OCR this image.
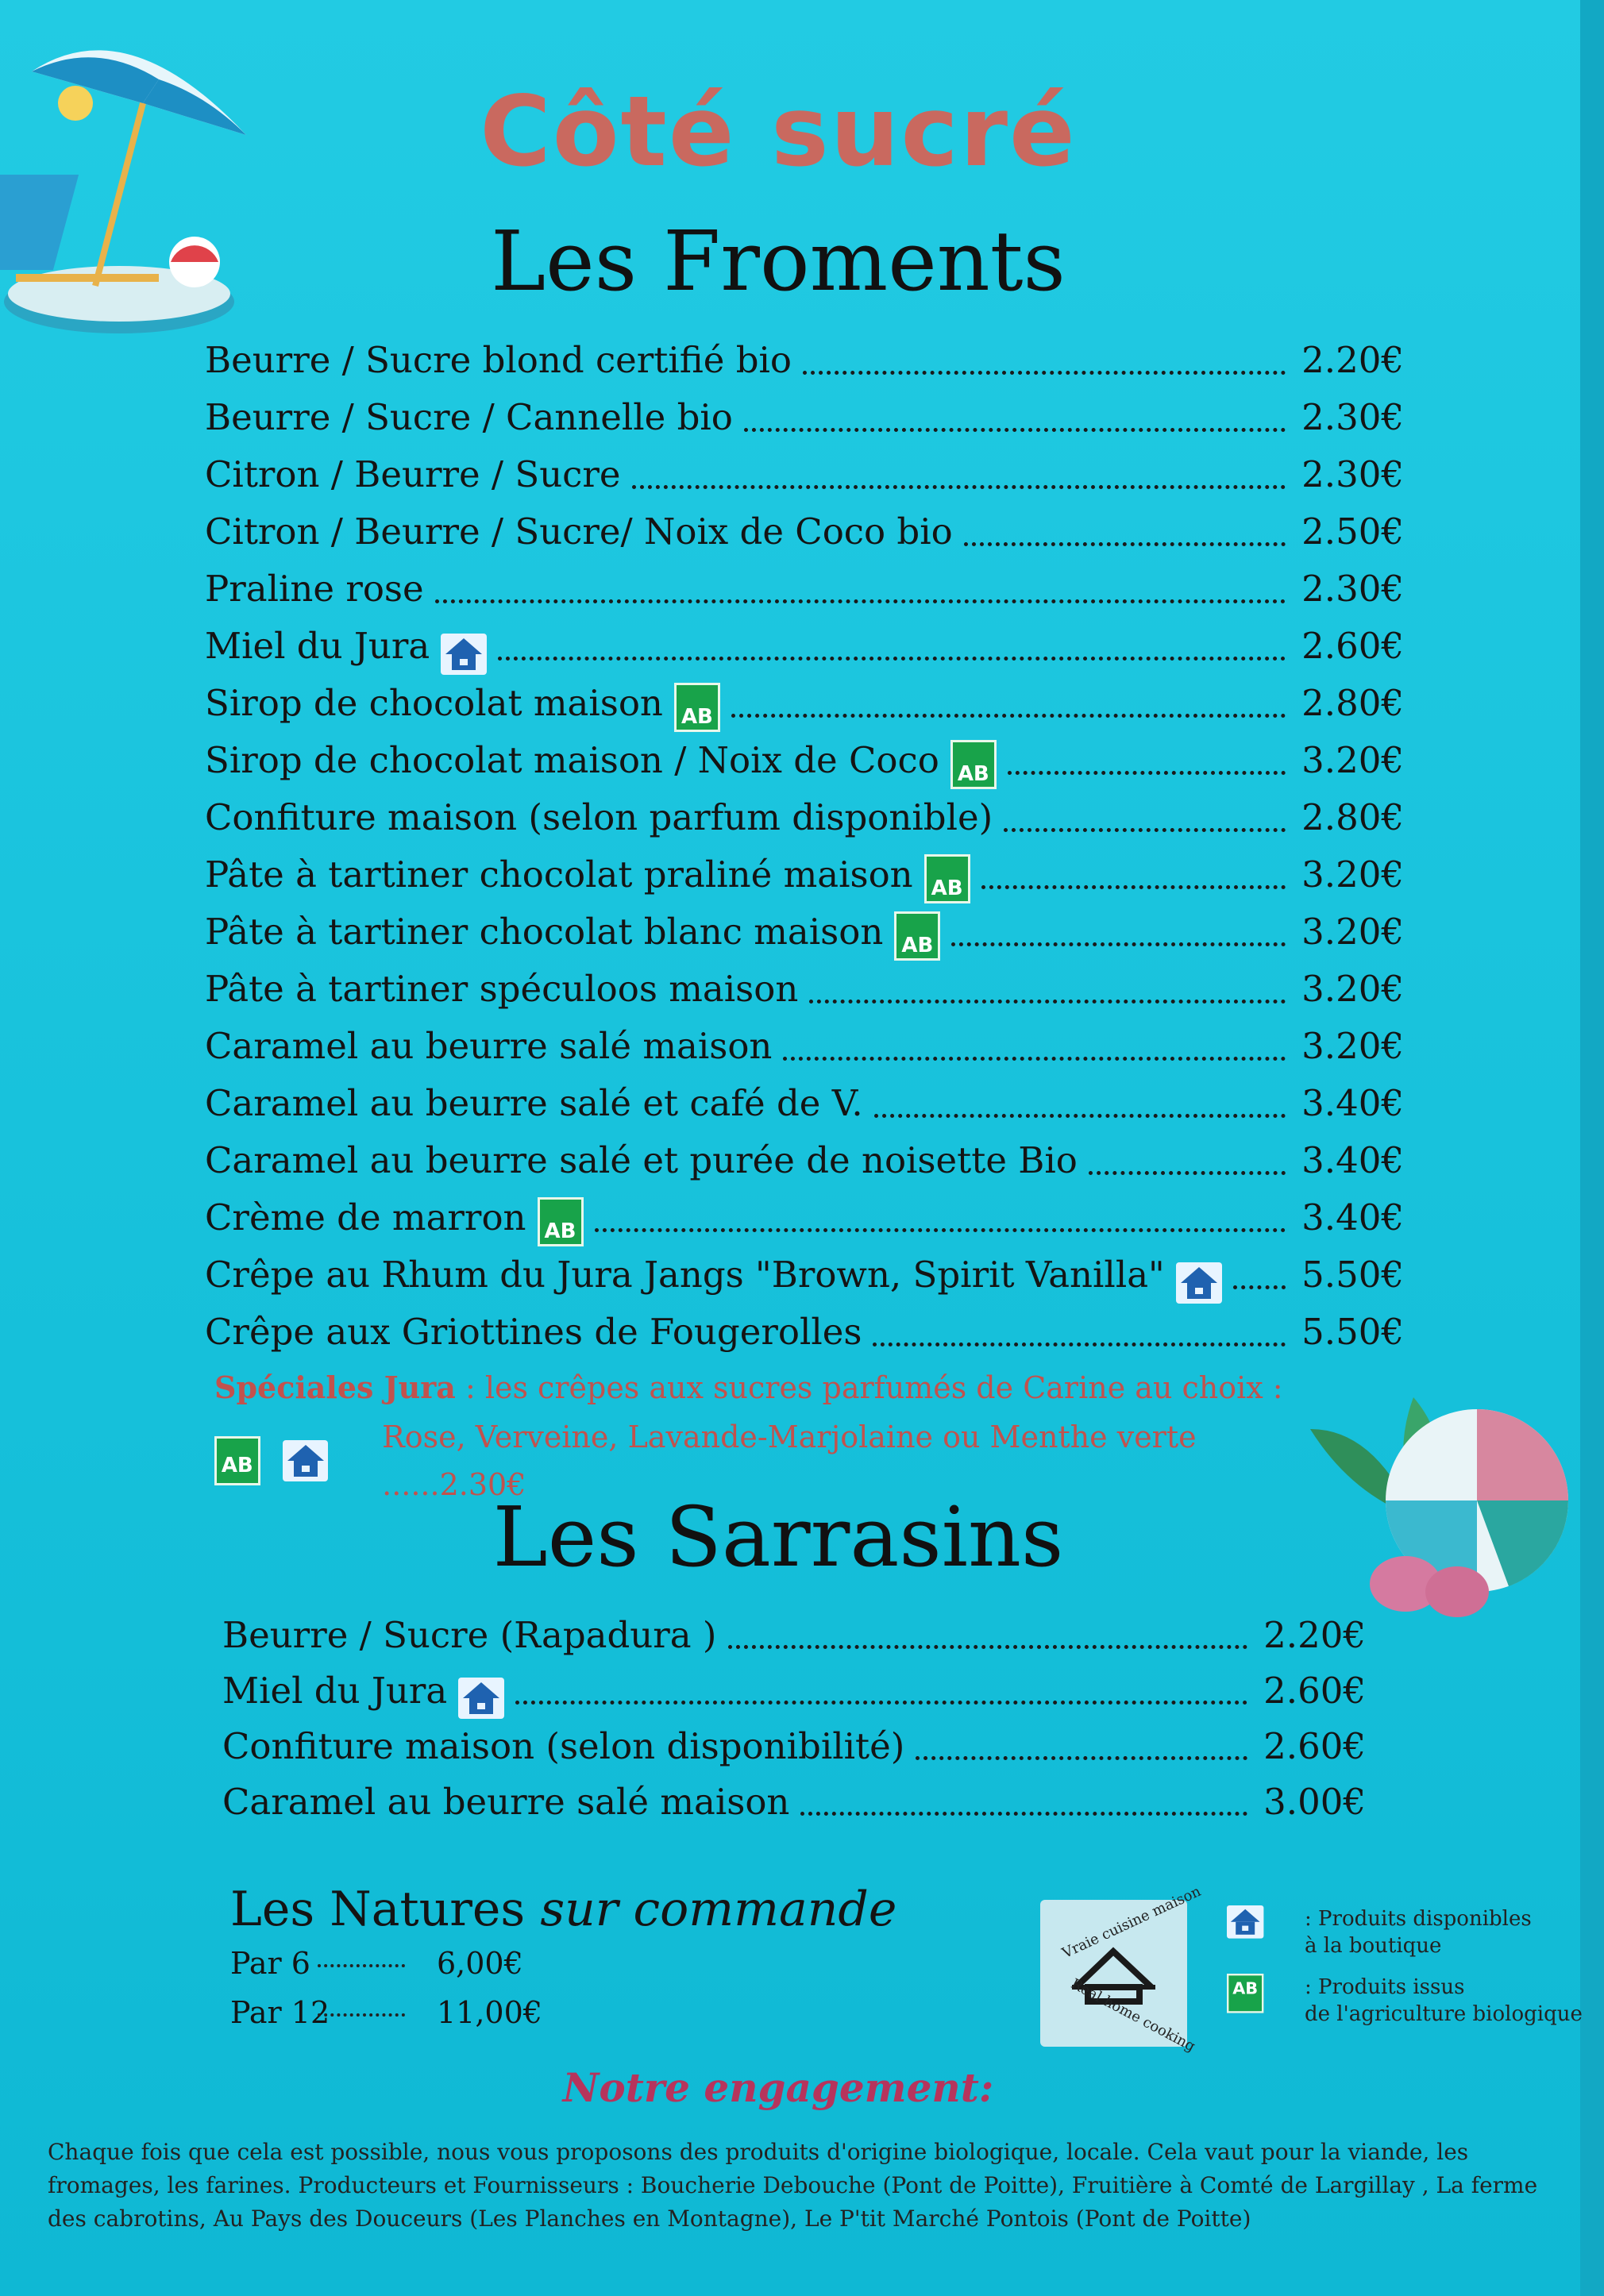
Côté sucré
Les Froments
Beurre / Sucre blond certifié bio	2.20€
Beurre / Sucre / Cannelle bio	2.30€
Citron / Beurre / Sucre	2.30€
Citron / Beurre / Sucre/ Noix de Coco bio	2.50€
Praline rose	2.30€
Miel du Jura	2.60€
Sirop de chocolat maison AB	2.80€
Sirop de chocolat maison / Noix de Coco AB	3.20€
Confiture maison (selon parfum disponible)	2.80€
Pâte à tartiner chocolat praliné maison AB	3.20€
Pâte à tartiner chocolat blanc maison AB	3.20€
Pâte à tartiner spéculoos maison	3.20€
Caramel au beurre salé maison	3.20€
Caramel au beurre salé et café de V.	3.40€
Caramel au beurre salé et purée de noisette Bio	3.40€
Crème de marron AB	3.40€
Crêpe au Rhum du Jura Jangs "Brown, Spirit Vanilla"	5.50€
Crêpe aux Griottines de Fougerolles	5.50€
Spéciales Jura : les crêpes aux sucres parfumés de Carine au choix :
AB
Rose, Verveine, Lavande-Marjolaine ou Menthe verte ......2.30€
Les Sarrasins
Beurre / Sucre (Rapadura )	2.20€
Miel du Jura	2.60€
Confiture maison (selon disponibilité)	2.60€
Caramel au beurre salé maison	3.00€
Les Natures sur commande
Par 6	6,00€
Par 12	11,00€
Vraie cuisine maison
Real home cooking
: Produits disponibles
à la boutique
AB : Produits issus
de l'agriculture biologique
Notre engagement:
Chaque fois que cela est possible, nous vous proposons des produits d'origine biologique, locale. Cela vaut pour la viande, les fromages, les farines. Producteurs et Fournisseurs : Boucherie Debouche (Pont de Poitte), Fruitière à Comté de Largillay , La ferme des cabrotins, Au Pays des Douceurs (Les Planches en Montagne), Le P'tit Marché Pontois (Pont de Poitte)
